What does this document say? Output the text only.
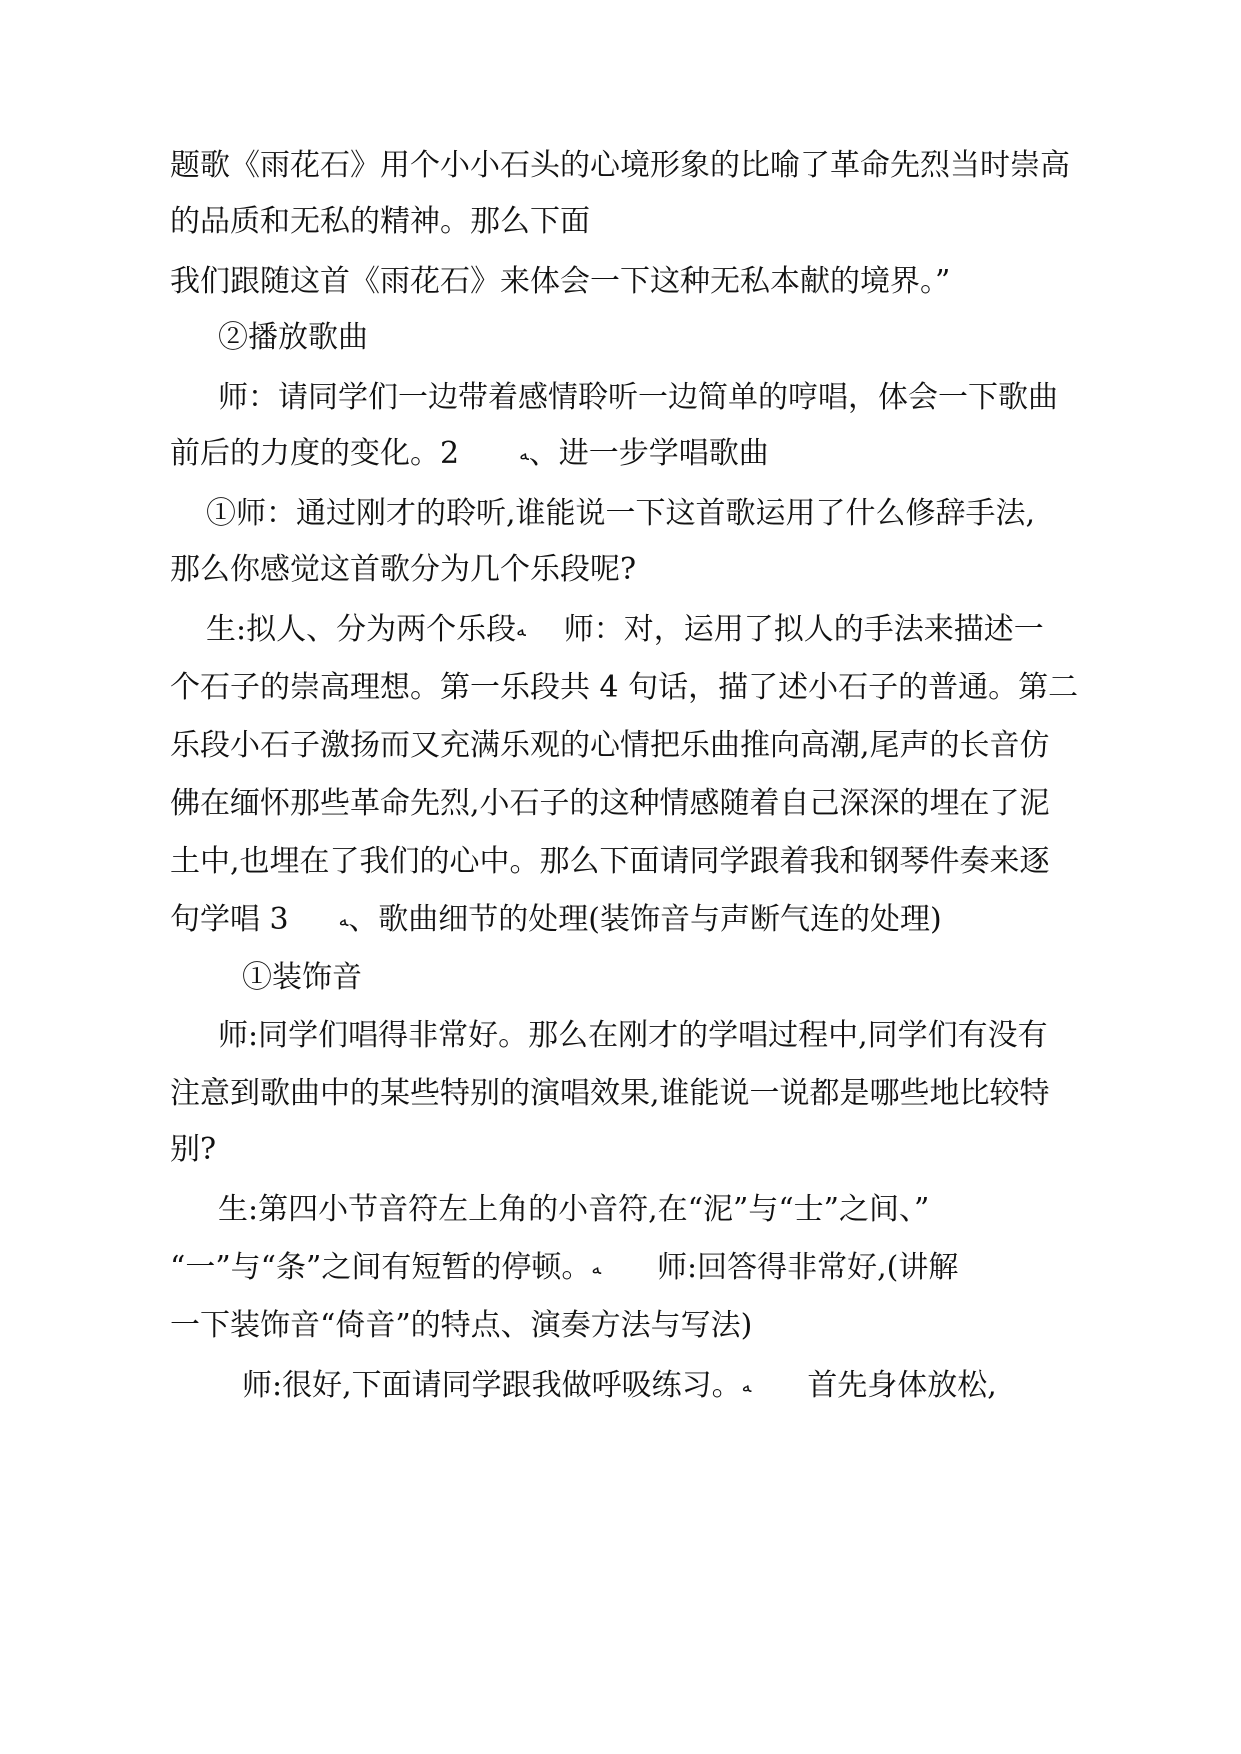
题歌《雨花石》用个小小石头的心境形象的比喻了革命先烈当时崇高
的品质和无私的精神。那么下面
我们跟随这首《雨花石》来体会一下这种无私本献的境界。”
②播放歌曲
师：请同学们一边带着感情聆听一边简单的哼唱，体会一下歌曲
前后的力度的变化。2	ﻪ、进一步学唱歌曲
①师：通过刚才的聆听,谁能说一下这首歌运用了什么修辞手法,
那么你感觉这首歌分为几个乐段呢?
生:拟人、分为两个乐段ﻪ 师：对，运用了拟人的手法来描述一
个石子的崇高理想。第一乐段共 4 句话，描了述小石子的普通。第二
乐段小石子激扬而又充满乐观的心情把乐曲推向高潮,尾声的长音仿
佛在缅怀那些革命先烈,小石子的这种情感随着自己深深的埋在了泥
土中,也埋在了我们的心中。那么下面请同学跟着我和钢琴件奏来逐
句学唱 3	ﻪ、歌曲细节的处理(装饰音与声断气连的处理)
①装饰音
师:同学们唱得非常好。那么在刚才的学唱过程中,同学们有没有
注意到歌曲中的某些特别的演唱效果,谁能说一说都是哪些地比较特
别?
生:第四小节音符左上角的小音符,在“泥”与“士”之间、”
“一”与“条”之间有短暂的停顿。ﻪ 师:回答得非常好,(讲解
一下装饰音“倚音”的特点、演奏方法与写法)
师:很好,下面请同学跟我做呼吸练习。ﻪ 首先身体放松,
